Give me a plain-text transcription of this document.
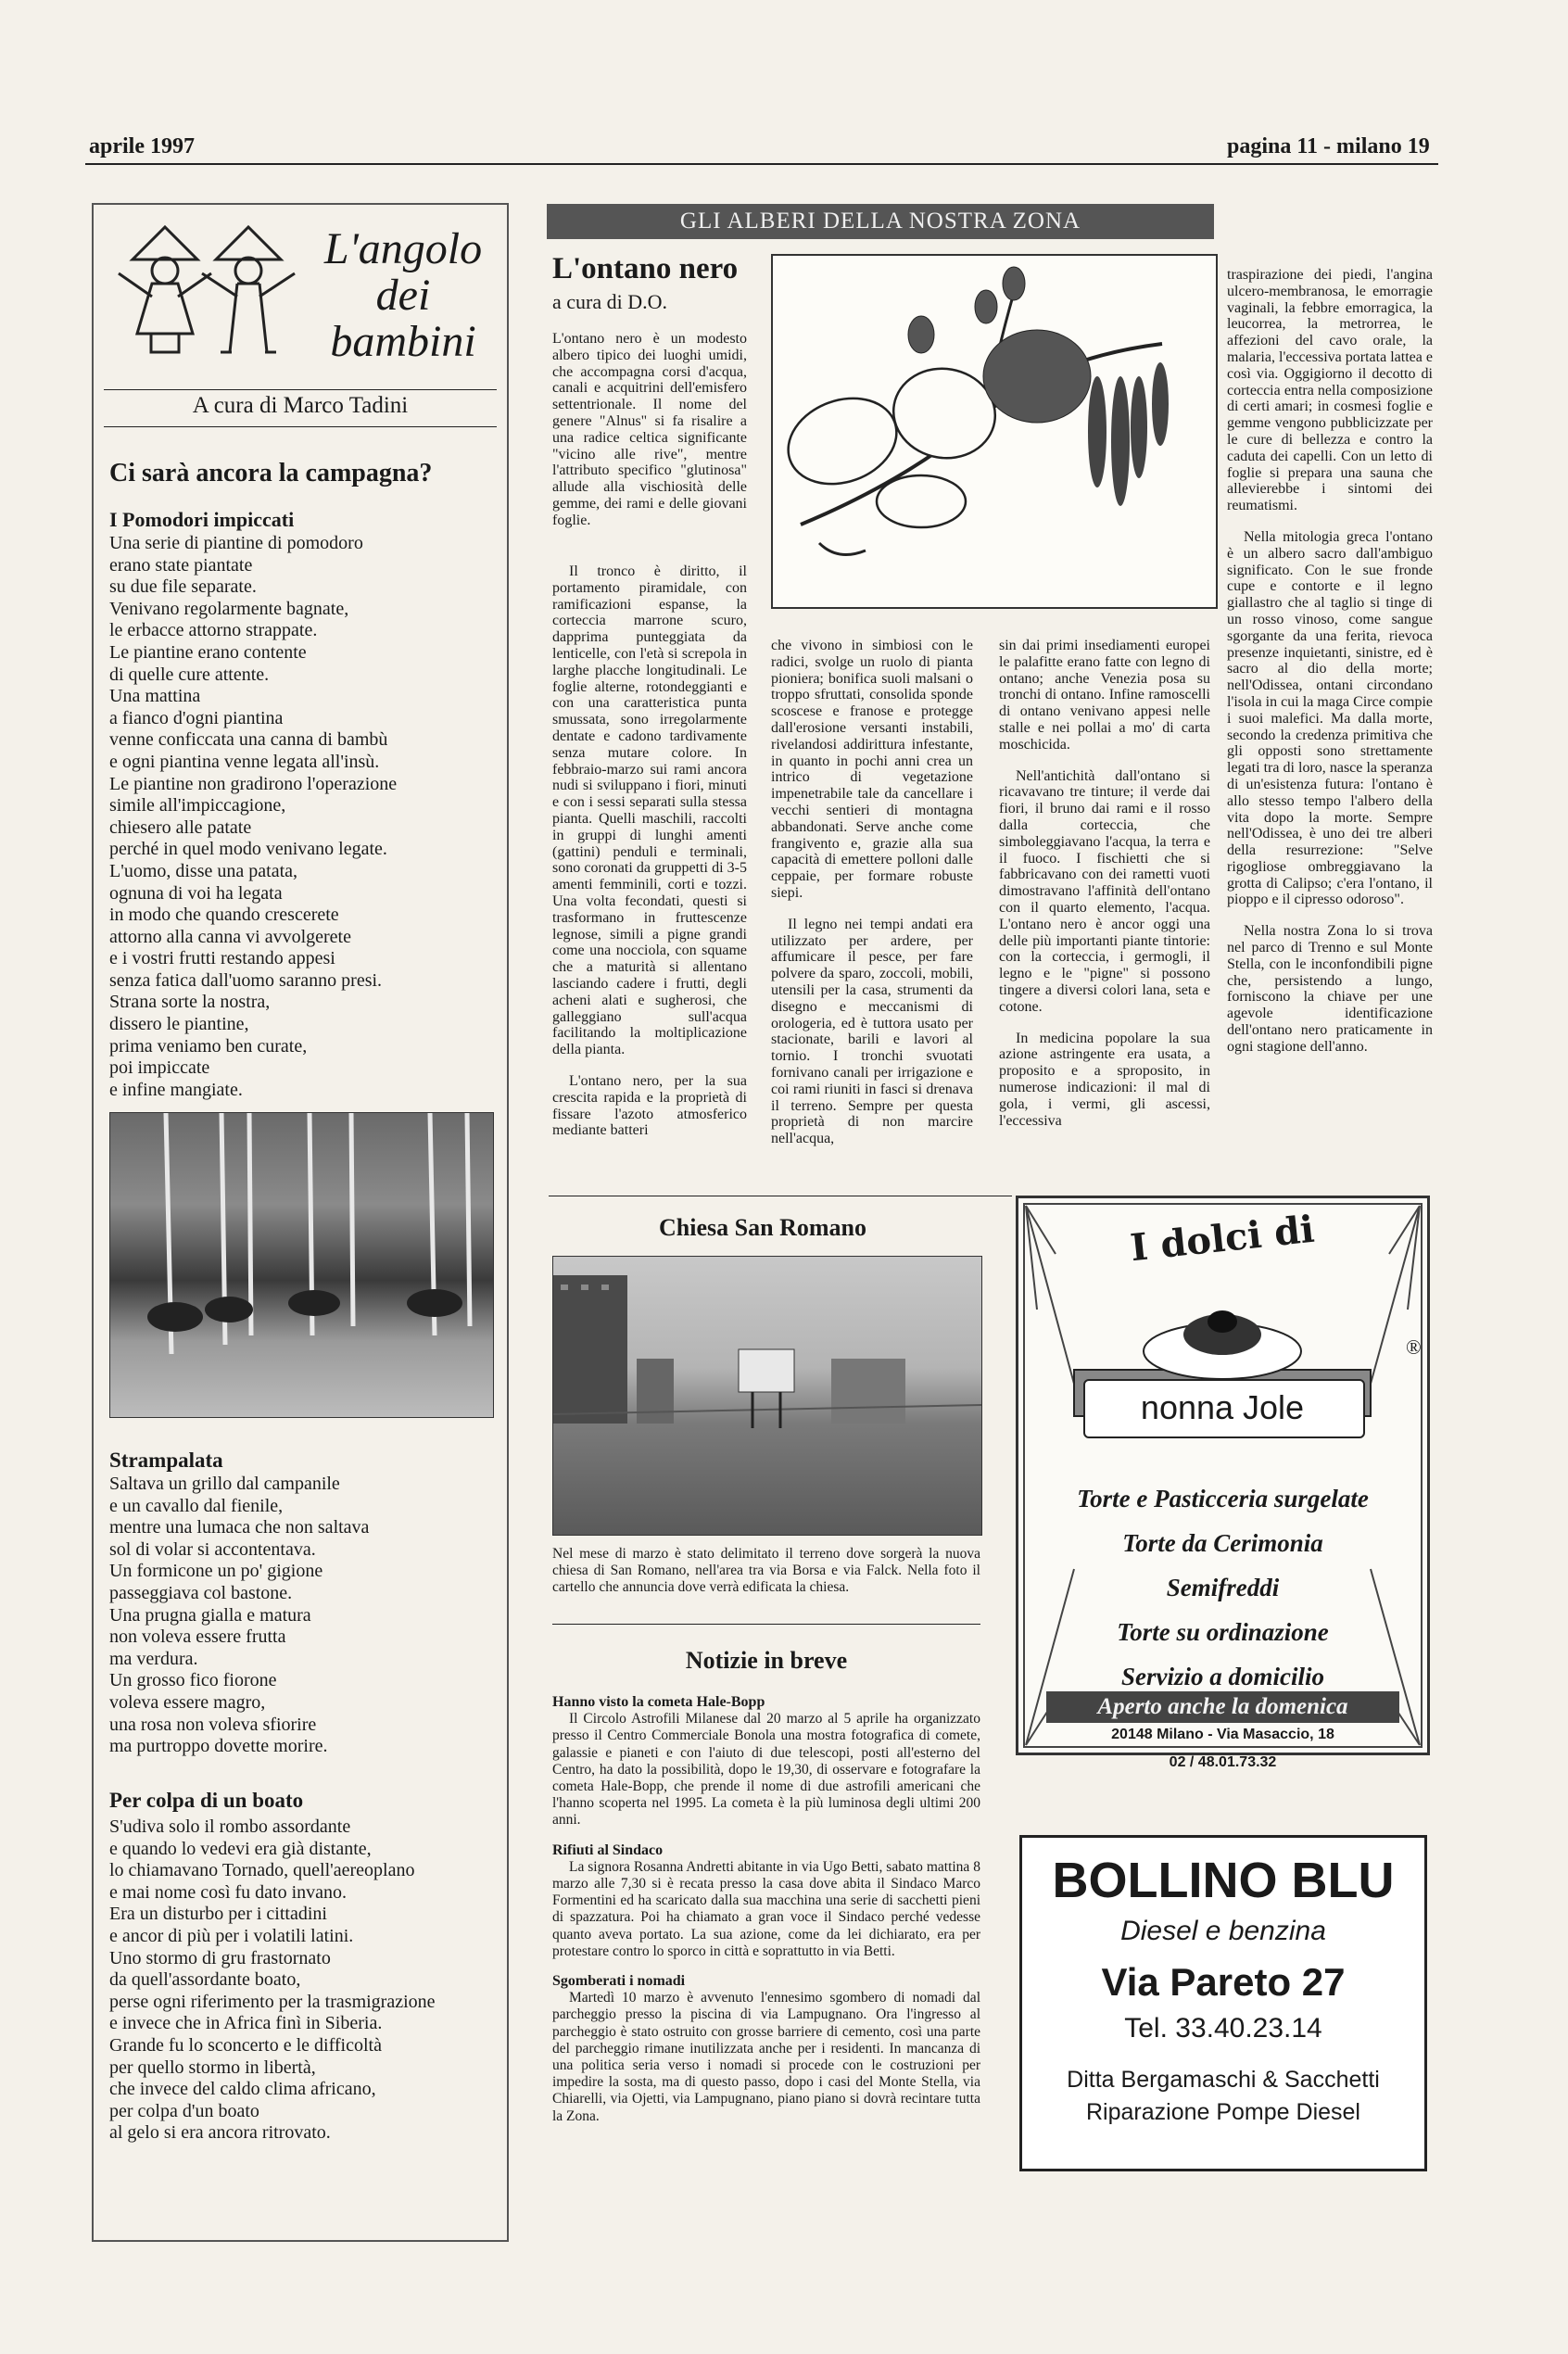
aprile 1997	pagina 11 - milano 19
L'angolo
dei
bambini
A cura di Marco Tadini
Ci sarà ancora la campagna?
I Pomodori impiccati
Una serie di piantine di pomodoro
erano state piantate
su due file separate.
Venivano regolarmente bagnate,
le erbacce attorno strappate.
Le piantine erano contente
di quelle cure attente.
Una mattina
a fianco d'ogni piantina
venne conficcata una canna di bambù
e ogni piantina venne legata all'insù.
Le piantine non gradirono l'operazione
simile all'impiccagione,
chiesero alle patate
perché in quel modo venivano legate.
L'uomo, disse una patata,
ognuna di voi ha legata
in modo che quando crescerete
attorno alla canna vi avvolgerete
e i vostri frutti restando appesi
senza fatica dall'uomo saranno presi.
Strana sorte la nostra,
dissero le piantine,
prima veniamo ben curate,
poi impiccate
e infine mangiate.
Strampalata
Saltava un grillo dal campanile
e un cavallo dal fienile,
mentre una lumaca che non saltava
sol di volar si accontentava.
Un formicone un po' gigione
passeggiava col bastone.
Una prugna gialla e matura
non voleva essere frutta
ma verdura.
Un grosso fico fiorone
voleva essere magro,
una rosa non voleva sfiorire
ma purtroppo dovette morire.
Per colpa di un boato
S'udiva solo il rombo assordante
e quando lo vedevi era già distante,
lo chiamavano Tornado, quell'aereoplano
e mai nome così fu dato invano.
Era un disturbo per i cittadini
e ancor di più per i volatili latini.
Uno stormo di gru frastornato
da quell'assordante boato,
perse ogni riferimento per la trasmigrazione
e invece che in Africa finì in Siberia.
Grande fu lo sconcerto e le difficoltà
per quello stormo in libertà,
che invece del caldo clima africano,
per colpa d'un boato
al gelo si era ancora ritrovato.
GLI ALBERI DELLA NOSTRA ZONA
L'ontano nero
a cura di D.O.
L'ontano nero è un modesto albero tipico dei luoghi umidi, che accompagna corsi d'acqua, canali e acquitrini dell'emisfero settentrionale. Il nome del genere "Alnus" si fa risalire a una radice celtica significante "vicino alle rive", mentre l'attributo specifico "glutinosa" allude alla vischiosità delle gemme, dei rami e delle giovani foglie.

Il tronco è diritto, il portamento piramidale, con ramificazioni espanse, la corteccia marrone scuro, dapprima punteggiata da lenticelle, con l'età si screpola in larghe placche longitudinali. Le foglie alterne, rotondeggianti e con una caratteristica punta smussata, sono irregolarmente dentate e cadono tardivamente senza mutare colore. In febbraio-marzo sui rami ancora nudi si sviluppano i fiori, minuti e con i sessi separati sulla stessa pianta. Quelli maschili, raccolti in gruppi di lunghi amenti (gattini) penduli e terminali, sono coronati da gruppetti di 3-5 amenti femminili, corti e tozzi. Una volta fecondati, questi si trasformano in fruttescenze legnose, simili a pigne grandi come una nocciola, con squame che a maturità si allentano lasciando cadere i frutti, degli acheni alati e sugherosi, che galleggiano sull'acqua facilitando la moltiplicazione della pianta.

L'ontano nero, per la sua crescita rapida e la proprietà di fissare l'azoto atmosferico mediante batteri

che vivono in simbiosi con le radici, svolge un ruolo di pianta pioniera; bonifica suoli malsani o troppo sfruttati, consolida sponde scoscese e franose e protegge dall'erosione versanti instabili, rivelandosi addirittura infestante, in quanto in pochi anni crea un intrico di vegetazione impenetrabile tale da cancellare i vecchi sentieri di montagna abbandonati. Serve anche come frangivento e, grazie alla sua capacità di emettere polloni dalle ceppaie, per formare robuste siepi.

Il legno nei tempi andati era utilizzato per ardere, per affumicare il pesce, per fare polvere da sparo, zoccoli, mobili, utensili per la casa, strumenti da disegno e meccanismi di orologeria, ed è tuttora usato per stacionate, barili e lavori al tornio. I tronchi svuotati fornivano canali per irrigazione e coi rami riuniti in fasci si drenava il terreno. Sempre per questa proprietà di non marcire nell'acqua,

sin dai primi insediamenti europei le palafitte erano fatte con legno di ontano; anche Venezia posa su tronchi di ontano. Infine ramoscelli di ontano venivano appesi nelle stalle e nei pollai a mo' di carta moschicida.

Nell'antichità dall'ontano si ricavavano tre tinture; il verde dai fiori, il bruno dai rami e il rosso dalla corteccia, che simboleggiavano l'acqua, la terra e il fuoco. I fischietti che si fabbricavano con dei rametti vuoti dimostravano l'affinità dell'ontano con il quarto elemento, l'acqua. L'ontano nero è ancor oggi una delle più importanti piante tintorie: con la corteccia, i germogli, il legno e le "pigne" si possono tingere a diversi colori lana, seta e cotone.

In medicina popolare la sua azione astringente era usata, a proposito e a sproposito, in numerose indicazioni: il mal di gola, i vermi, gli ascessi, l'eccessiva

traspirazione dei piedi, l'angina ulcero-membranosa, le emorragie vaginali, la febbre emorragica, la leucorrea, la metrorrea, le affezioni del cavo orale, la malaria, l'eccessiva portata lattea e così via. Oggigiorno il decotto di corteccia entra nella composizione di certi amari; in cosmesi foglie e gemme vengono pubblicizzate per le cure di bellezza e contro la caduta dei capelli. Con un letto di foglie si prepara una sauna che allevierebbe i sintomi dei reumatismi.

Nella mitologia greca l'ontano è un albero sacro dall'ambiguo significato. Con le sue fronde cupe e contorte e il legno giallastro che al taglio si tinge di un rosso vinoso, come sangue sgorgante da una ferita, rievoca presenze inquietanti, sinistre, ed è sacro al dio della morte; nell'Odissea, ontani circondano l'isola in cui la maga Circe compie i suoi malefici. Ma dalla morte, secondo la credenza primitiva che gli opposti sono strettamente legati tra di loro, nasce la speranza di un'esistenza futura: l'ontano è allo stesso tempo l'albero della vita dopo la morte. Sempre nell'Odissea, è uno dei tre alberi della resurrezione: "Selve rigogliose ombreggiavano la grotta di Calipso; c'era l'ontano, il pioppo e il cipresso odoroso".

Nella nostra Zona lo si trova nel parco di Trenno e sul Monte Stella, con le inconfondibili pigne che, persistendo a lungo, forniscono la chiave per une agevole identificazione dell'ontano nero praticamente in ogni stagione dell'anno.

Chiesa San Romano
Nel mese di marzo è stato delimitato il terreno dove sorgerà la nuova chiesa di San Romano, nell'area tra via Borsa e via Falck. Nella foto il cartello che annuncia dove verrà edificata la chiesa.
Notizie in breve
Hanno visto la cometa Hale-Bopp
Il Circolo Astrofili Milanese dal 20 marzo al 5 aprile ha organizzato presso il Centro Commerciale Bonola una mostra fotografica di comete, galassie e pianeti e con l'aiuto di due telescopi, posti all'esterno del Centro, ha dato la possibilità, dopo le 19,30, di osservare e fotografare la cometa Hale-Bopp, che prende il nome di due astrofili americani che l'hanno scoperta nel 1995. La cometa è la più luminosa degli ultimi 200 anni.
Rifiuti al Sindaco
La signora Rosanna Andretti abitante in via Ugo Betti, sabato mattina 8 marzo alle 7,30 si è recata presso la casa dove abita il Sindaco Marco Formentini ed ha scaricato dalla sua macchina una serie di sacchetti pieni di spazzatura. Poi ha chiamato a gran voce il Sindaco perché vedesse quanto aveva portato. La sua azione, come da lei dichiarato, era per protestare contro lo sporco in città e soprattutto in via Betti.
Sgomberati i nomadi
Martedì 10 marzo è avvenuto l'ennesimo sgombero di nomadi dal parcheggio presso la piscina di via Lampugnano. Ora l'ingresso al parcheggio è stato ostruito con grosse barriere di cemento, così una parte del parcheggio rimane inutilizzata anche per i residenti. In mancanza di una politica seria verso i nomadi si procede con le costruzioni per impedire la sosta, ma di questo passo, dopo i casi del Monte Stella, via Chiarelli, via Ojetti, via Lampugnano, piano piano si dovrà recintare tutta la Zona.
I dolci di
nonna Jole
®
Torte e Pasticceria surgelate
Torte da Cerimonia
Semifreddi
Torte su ordinazione
Servizio a domicilio
Aperto anche la domenica
20148 Milano - Via Masaccio, 18
02 / 48.01.73.32
BOLLINO BLU
Diesel e benzina
Via Pareto 27
Tel. 33.40.23.14
Ditta Bergamaschi & Sacchetti
Riparazione Pompe Diesel
